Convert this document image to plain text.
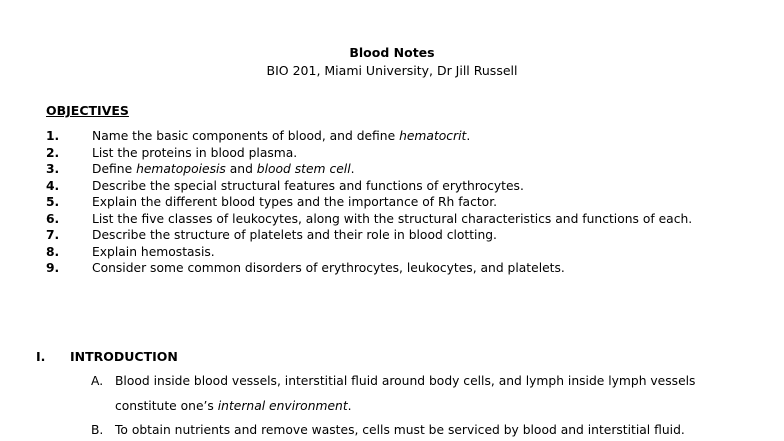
Blood Notes
BIO 201, Miami University, Dr Jill Russell
OBJECTIVES
1.	Name the basic components of blood, and define hematocrit.
2.	List the proteins in blood plasma.
3.	Define hematopoiesis and blood stem cell.
4.	Describe the special structural features and functions of erythrocytes.
5.	Explain the different blood types and the importance of Rh factor.
6.	List the five classes of leukocytes, along with the structural characteristics and functions of each.
7.	Describe the structure of platelets and their role in blood clotting.
8.	Explain hemostasis.
9.	Consider some common disorders of erythrocytes, leukocytes, and platelets.
I. INTRODUCTION
A. Blood inside blood vessels, interstitial fluid around body cells, and lymph inside lymph vessels
constitute one’s internal environment.
B. To obtain nutrients and remove wastes, cells must be serviced by blood and interstitial fluid.
